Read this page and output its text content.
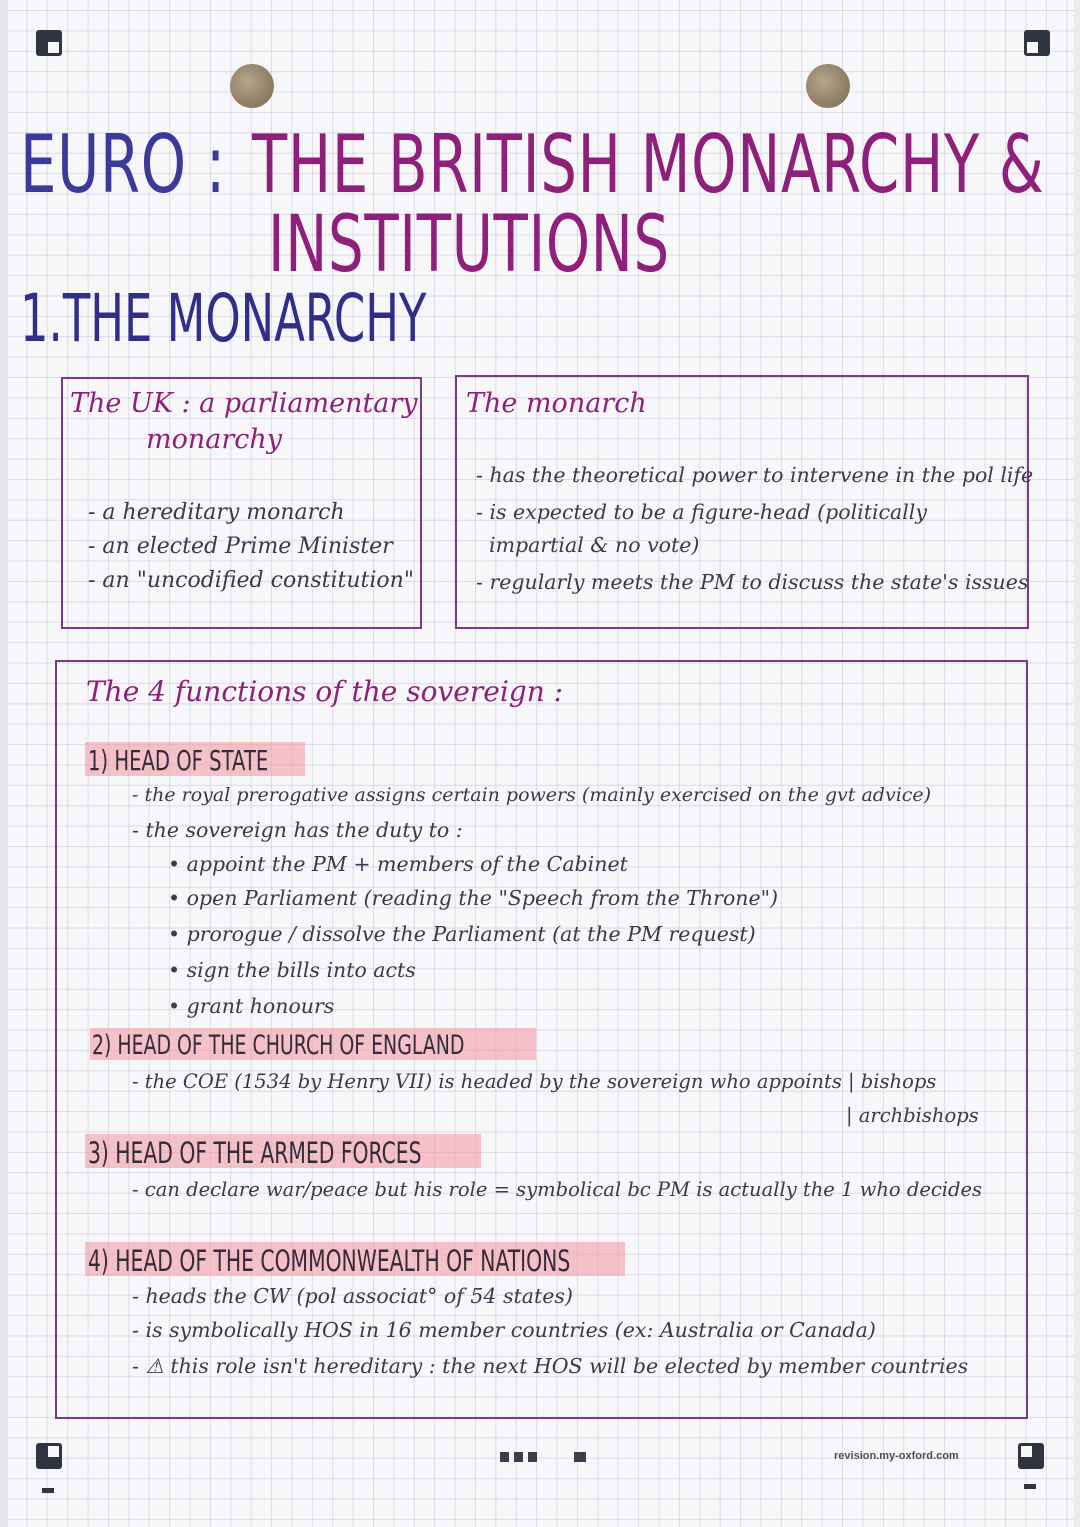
EURO : THE BRITISH MONARCHY &
INSTITUTIONS
1.THE MONARCHY
The UK : a parliamentary
monarchy
- a hereditary monarch
- an elected Prime Minister
- an "uncodified constitution"
The monarch
- has the theoretical power to intervene in the pol life
- is expected to be a figure-head (politically
impartial & no vote)
- regularly meets the PM to discuss the state's issues
The 4 functions of the sovereign :
1) HEAD OF STATE
- the royal prerogative assigns certain powers (mainly exercised on the gvt advice)
- the sovereign has the duty to :
• appoint the PM + members of the Cabinet
• open Parliament (reading the "Speech from the Throne")
• prorogue / dissolve the Parliament (at the PM request)
• sign the bills into acts
• grant honours
2) HEAD OF THE CHURCH OF ENGLAND
- the COE (1534 by Henry VII) is headed by the sovereign who appoints | bishops
| archbishops
3) HEAD OF THE ARMED FORCES
- can declare war/peace but his role = symbolical bc PM is actually the 1 who decides
4) HEAD OF THE COMMONWEALTH OF NATIONS
- heads the CW (pol associat° of 54 states)
- is symbolically HOS in 16 member countries (ex: Australia or Canada)
- ⚠ this role isn't hereditary : the next HOS will be elected by member countries
revision.my-oxford.com
